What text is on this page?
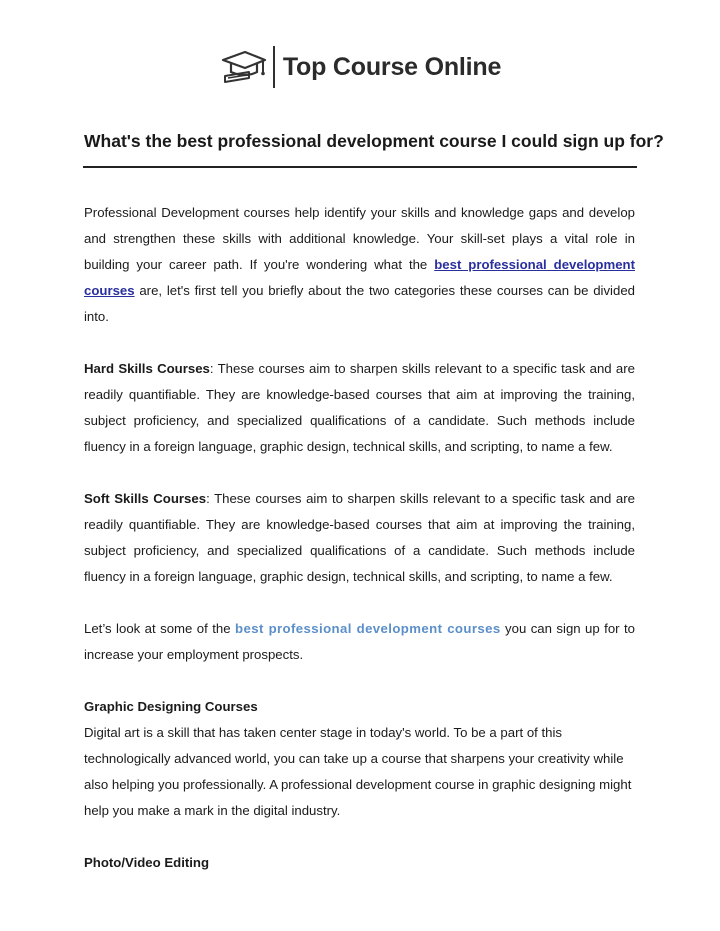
Top Course Online
What's the best professional development course I could sign up for?

Professional Development courses help identify your skills and knowledge gaps and develop and strengthen these skills with additional knowledge. Your skill-set plays a vital role in building your career path. If you're wondering what the best professional development courses are, let's first tell you briefly about the two categories these courses can be divided into.

Hard Skills Courses: These courses aim to sharpen skills relevant to a specific task and are readily quantifiable. They are knowledge-based courses that aim at improving the training, subject proficiency, and specialized qualifications of a candidate. Such methods include fluency in a foreign language, graphic design, technical skills, and scripting, to name a few.

Soft Skills Courses: These courses aim to sharpen skills relevant to a specific task and are readily quantifiable. They are knowledge-based courses that aim at improving the training, subject proficiency, and specialized qualifications of a candidate. Such methods include fluency in a foreign language, graphic design, technical skills, and scripting, to name a few.

Let’s look at some of the best professional development courses you can sign up for to increase your employment prospects.

Graphic Designing Courses

Digital art is a skill that has taken center stage in today's world. To be a part of this technologically advanced world, you can take up a course that sharpens your creativity while also helping you professionally. A professional development course in graphic designing might help you make a mark in the digital industry.

Photo/Video Editing
